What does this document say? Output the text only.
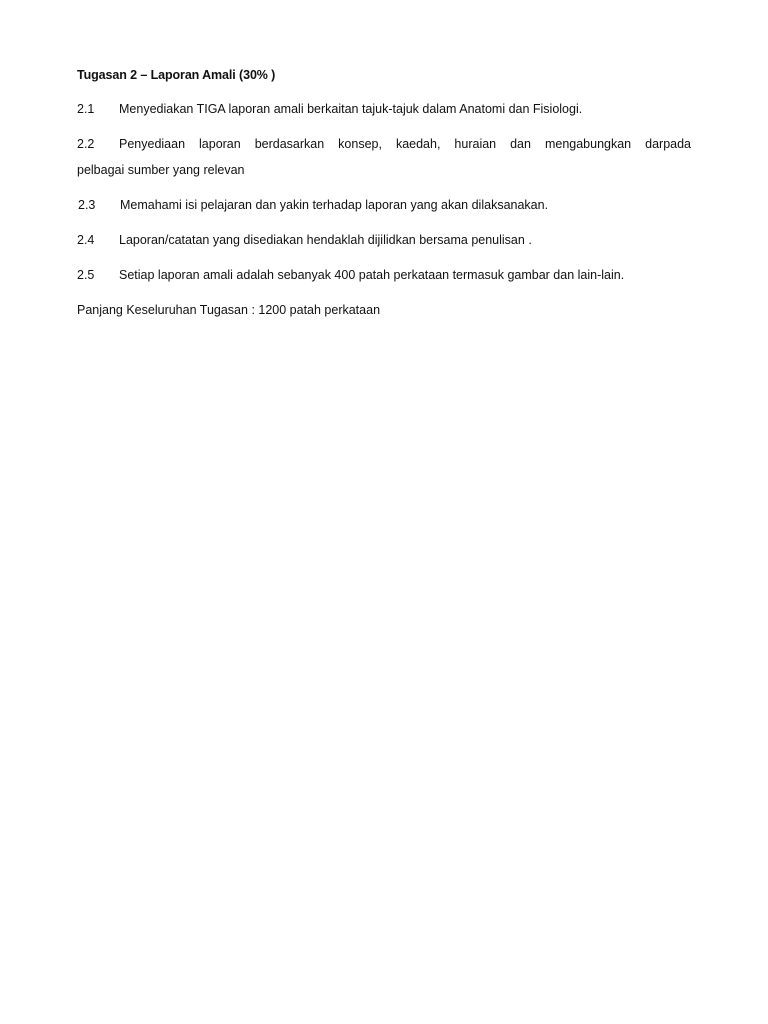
Tugasan 2 – Laporan Amali (30% )
2.1	Menyediakan TIGA laporan amali berkaitan tajuk-tajuk dalam Anatomi dan Fisiologi.
2.2	Penyediaan laporan berdasarkan konsep, kaedah, huraian dan mengabungkan darpada
pelbagai sumber yang relevan
2.3	Memahami isi pelajaran dan yakin terhadap laporan yang akan dilaksanakan.
2.4	Laporan/catatan yang disediakan hendaklah dijilidkan bersama penulisan .
2.5	Setiap laporan amali adalah sebanyak 400 patah perkataan termasuk gambar dan lain-lain.
Panjang Keseluruhan Tugasan : 1200 patah perkataan
